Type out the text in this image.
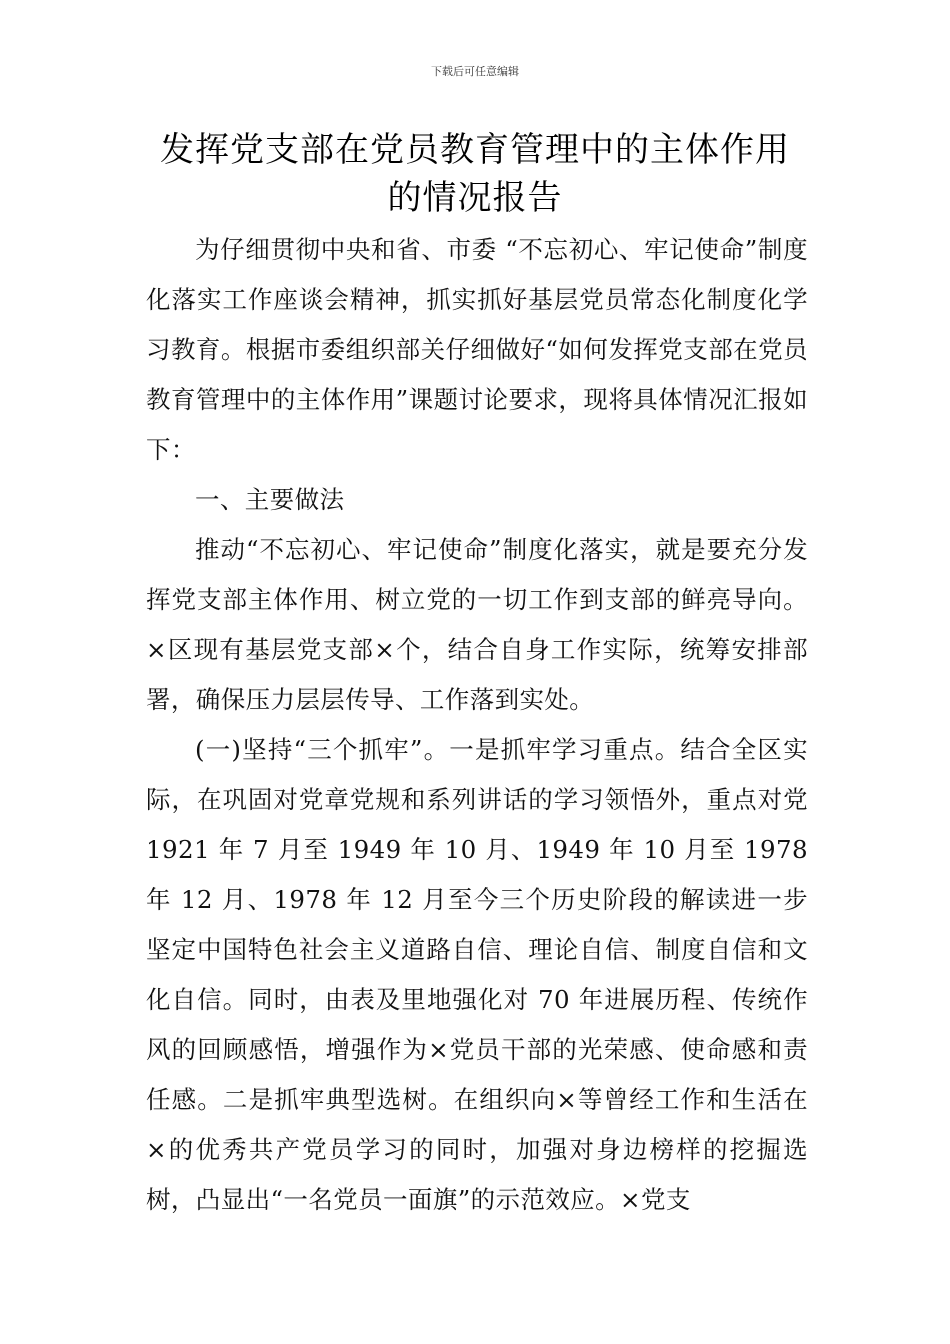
下载后可任意编辑
发挥党支部在党员教育管理中的主体作用
的情况报告

为仔细贯彻中央和省、市委 “不忘初心、牢记使命”制度化落实工作座谈会精神，抓实抓好基层党员常态化制度化学习教育。根据市委组织部关仔细做好“如何发挥党支部在党员教育管理中的主体作用”课题讨论要求，现将具体情况汇报如下：

一、主要做法

推动“不忘初心、牢记使命”制度化落实，就是要充分发挥党支部主体作用、树立党的一切工作到支部的鲜亮导向。×区现有基层党支部×个，结合自身工作实际，统筹安排部署，确保压力层层传导、工作落到实处。

(一)坚持“三个抓牢”。一是抓牢学习重点。结合全区实际，在巩固对党章党规和系列讲话的学习领悟外，重点对党 1921 年 7 月至 1949 年 10 月、1949 年 10 月至 1978 年 12 月、1978 年 12 月至今三个历史阶段的解读进一步坚定中国特色社会主义道路自信、理论自信、制度自信和文化自信。同时，由表及里地强化对 70 年进展历程、传统作风的回顾感悟，增强作为×党员干部的光荣感、使命感和责任感。二是抓牢典型选树。在组织向×等曾经工作和生活在×的优秀共产党员学习的同时，加强对身边榜样的挖掘选树，凸显出“一名党员一面旗”的示范效应。×党支
